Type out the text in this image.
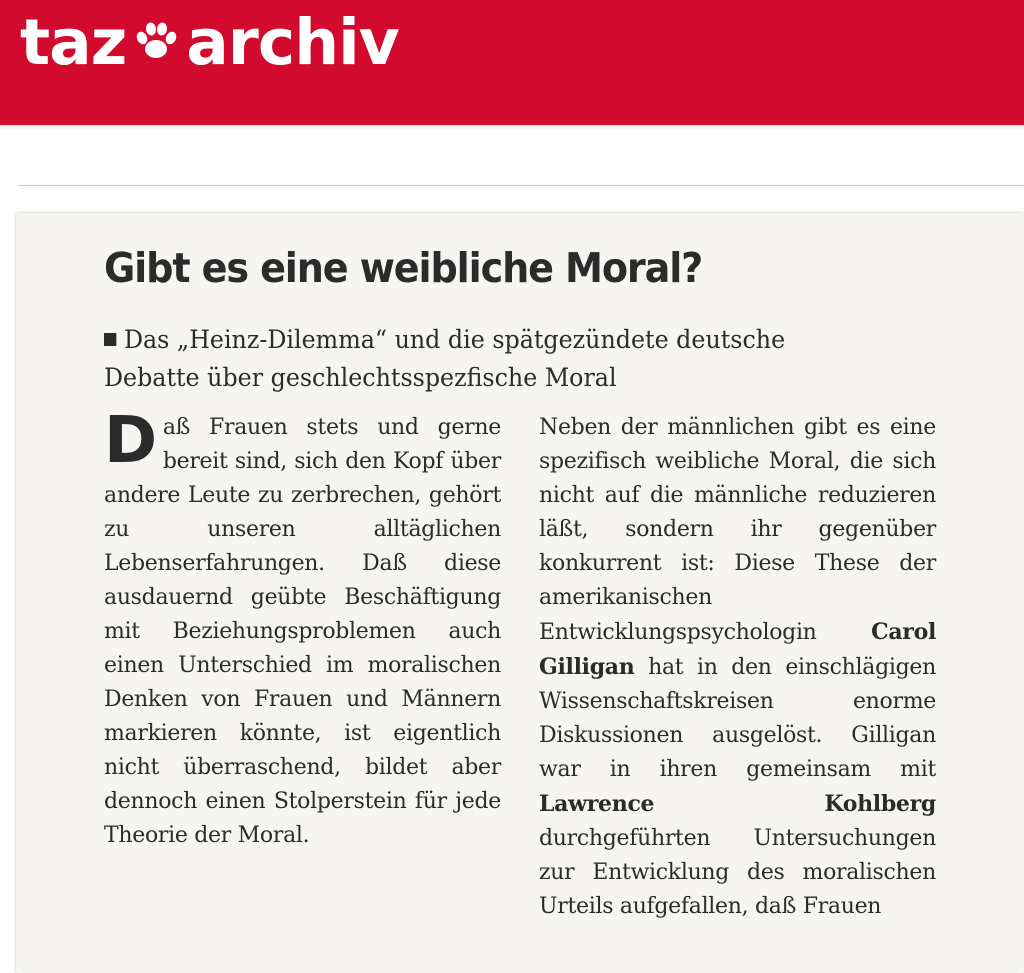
taz archiv
Gibt es eine weibliche Moral?

Das „Heinz-Dilemma“ und die spätgezündete deutsche Debatte über geschlechtsspezfische Moral

Daß Frauen stets und gerne bereit sind, sich den Kopf über andere Leute zu zerbrechen, gehört zu unseren alltäglichen Lebenserfahrungen. Daß diese ausdauernd geübte Beschäftigung mit Beziehungsproblemen auch einen Unterschied im moralischen Denken von Frauen und Männern markieren könnte, ist eigentlich nicht überraschend, bildet aber dennoch einen Stolperstein für jede Theorie der Moral.

Neben der männlichen gibt es eine spezifisch weibliche Moral, die sich nicht auf die männliche reduzieren läßt, sondern ihr gegenüber konkurrent ist: Diese These der amerikanischen Entwicklungspsychologin Carol Gilligan hat in den einschlägigen Wissenschaftskreisen enorme Diskussionen ausgelöst. Gilligan war in ihren gemeinsam mit Lawrence Kohlberg durchgeführten Untersuchungen zur Entwicklung des moralischen Urteils aufgefallen, daß Frauen
